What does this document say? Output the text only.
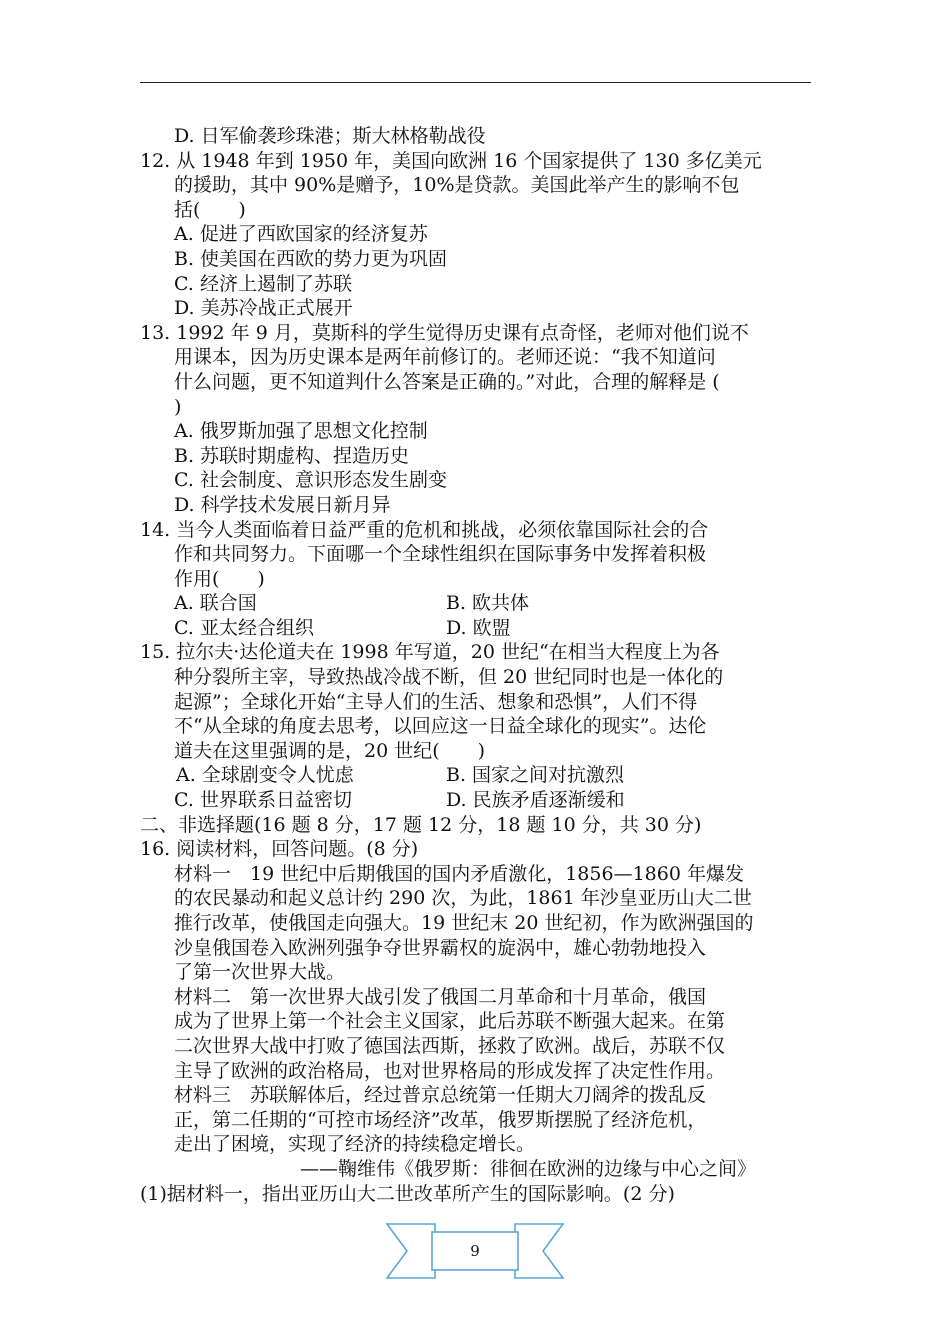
D. 日军偷袭珍珠港；斯大林格勒战役
12. 从 1948 年到 1950 年，美国向欧洲 16 个国家提供了 130 多亿美元
的援助，其中 90%是赠予，10%是贷款。美国此举产生的影响不包
括(　　)
A. 促进了西欧国家的经济复苏
B. 使美国在西欧的势力更为巩固
C. 经济上遏制了苏联
D. 美苏冷战正式展开
13. 1992 年 9 月，莫斯科的学生觉得历史课有点奇怪，老师对他们说不
用课本，因为历史课本是两年前修订的。老师还说：“我不知道问
什么问题，更不知道判什么答案是正确的。”对此，合理的解释是 (
)
A. 俄罗斯加强了思想文化控制
B. 苏联时期虚构、捏造历史
C. 社会制度、意识形态发生剧变
D. 科学技术发展日新月异
14. 当今人类面临着日益严重的危机和挑战，必须依靠国际社会的合
作和共同努力。下面哪一个全球性组织在国际事务中发挥着积极
作用(　　)
A. 联合国	B. 欧共体
C. 亚太经合组织	D. 欧盟
15. 拉尔夫·达伦道夫在 1998 年写道，20 世纪“在相当大程度上为各
种分裂所主宰，导致热战冷战不断，但 20 世纪同时也是一体化的
起源”；全球化开始“主导人们的生活、想象和恐惧”，人们不得
不“从全球的角度去思考，以回应这一日益全球化的现实”。达伦
道夫在这里强调的是，20 世纪(　　)
A. 全球剧变令人忧虑	B. 国家之间对抗激烈
C. 世界联系日益密切	D. 民族矛盾逐渐缓和
二、非选择题(16 题 8 分，17 题 12 分，18 题 10 分，共 30 分)
16. 阅读材料，回答问题。(8 分)
材料一　19 世纪中后期俄国的国内矛盾激化，1856—1860 年爆发
的农民暴动和起义总计约 290 次，为此，1861 年沙皇亚历山大二世
推行改革，使俄国走向强大。19 世纪末 20 世纪初，作为欧洲强国的
沙皇俄国卷入欧洲列强争夺世界霸权的旋涡中，雄心勃勃地投入
了第一次世界大战。
材料二　第一次世界大战引发了俄国二月革命和十月革命，俄国
成为了世界上第一个社会主义国家，此后苏联不断强大起来。在第
二次世界大战中打败了德国法西斯，拯救了欧洲。战后，苏联不仅
主导了欧洲的政治格局，也对世界格局的形成发挥了决定性作用。
材料三　苏联解体后，经过普京总统第一任期大刀阔斧的拨乱反
正，第二任期的“可控市场经济”改革，俄罗斯摆脱了经济危机，
走出了困境，实现了经济的持续稳定增长。
——鞠维伟《俄罗斯：徘徊在欧洲的边缘与中心之间》
(1)据材料一，指出亚历山大二世改革所产生的国际影响。(2 分)
9
